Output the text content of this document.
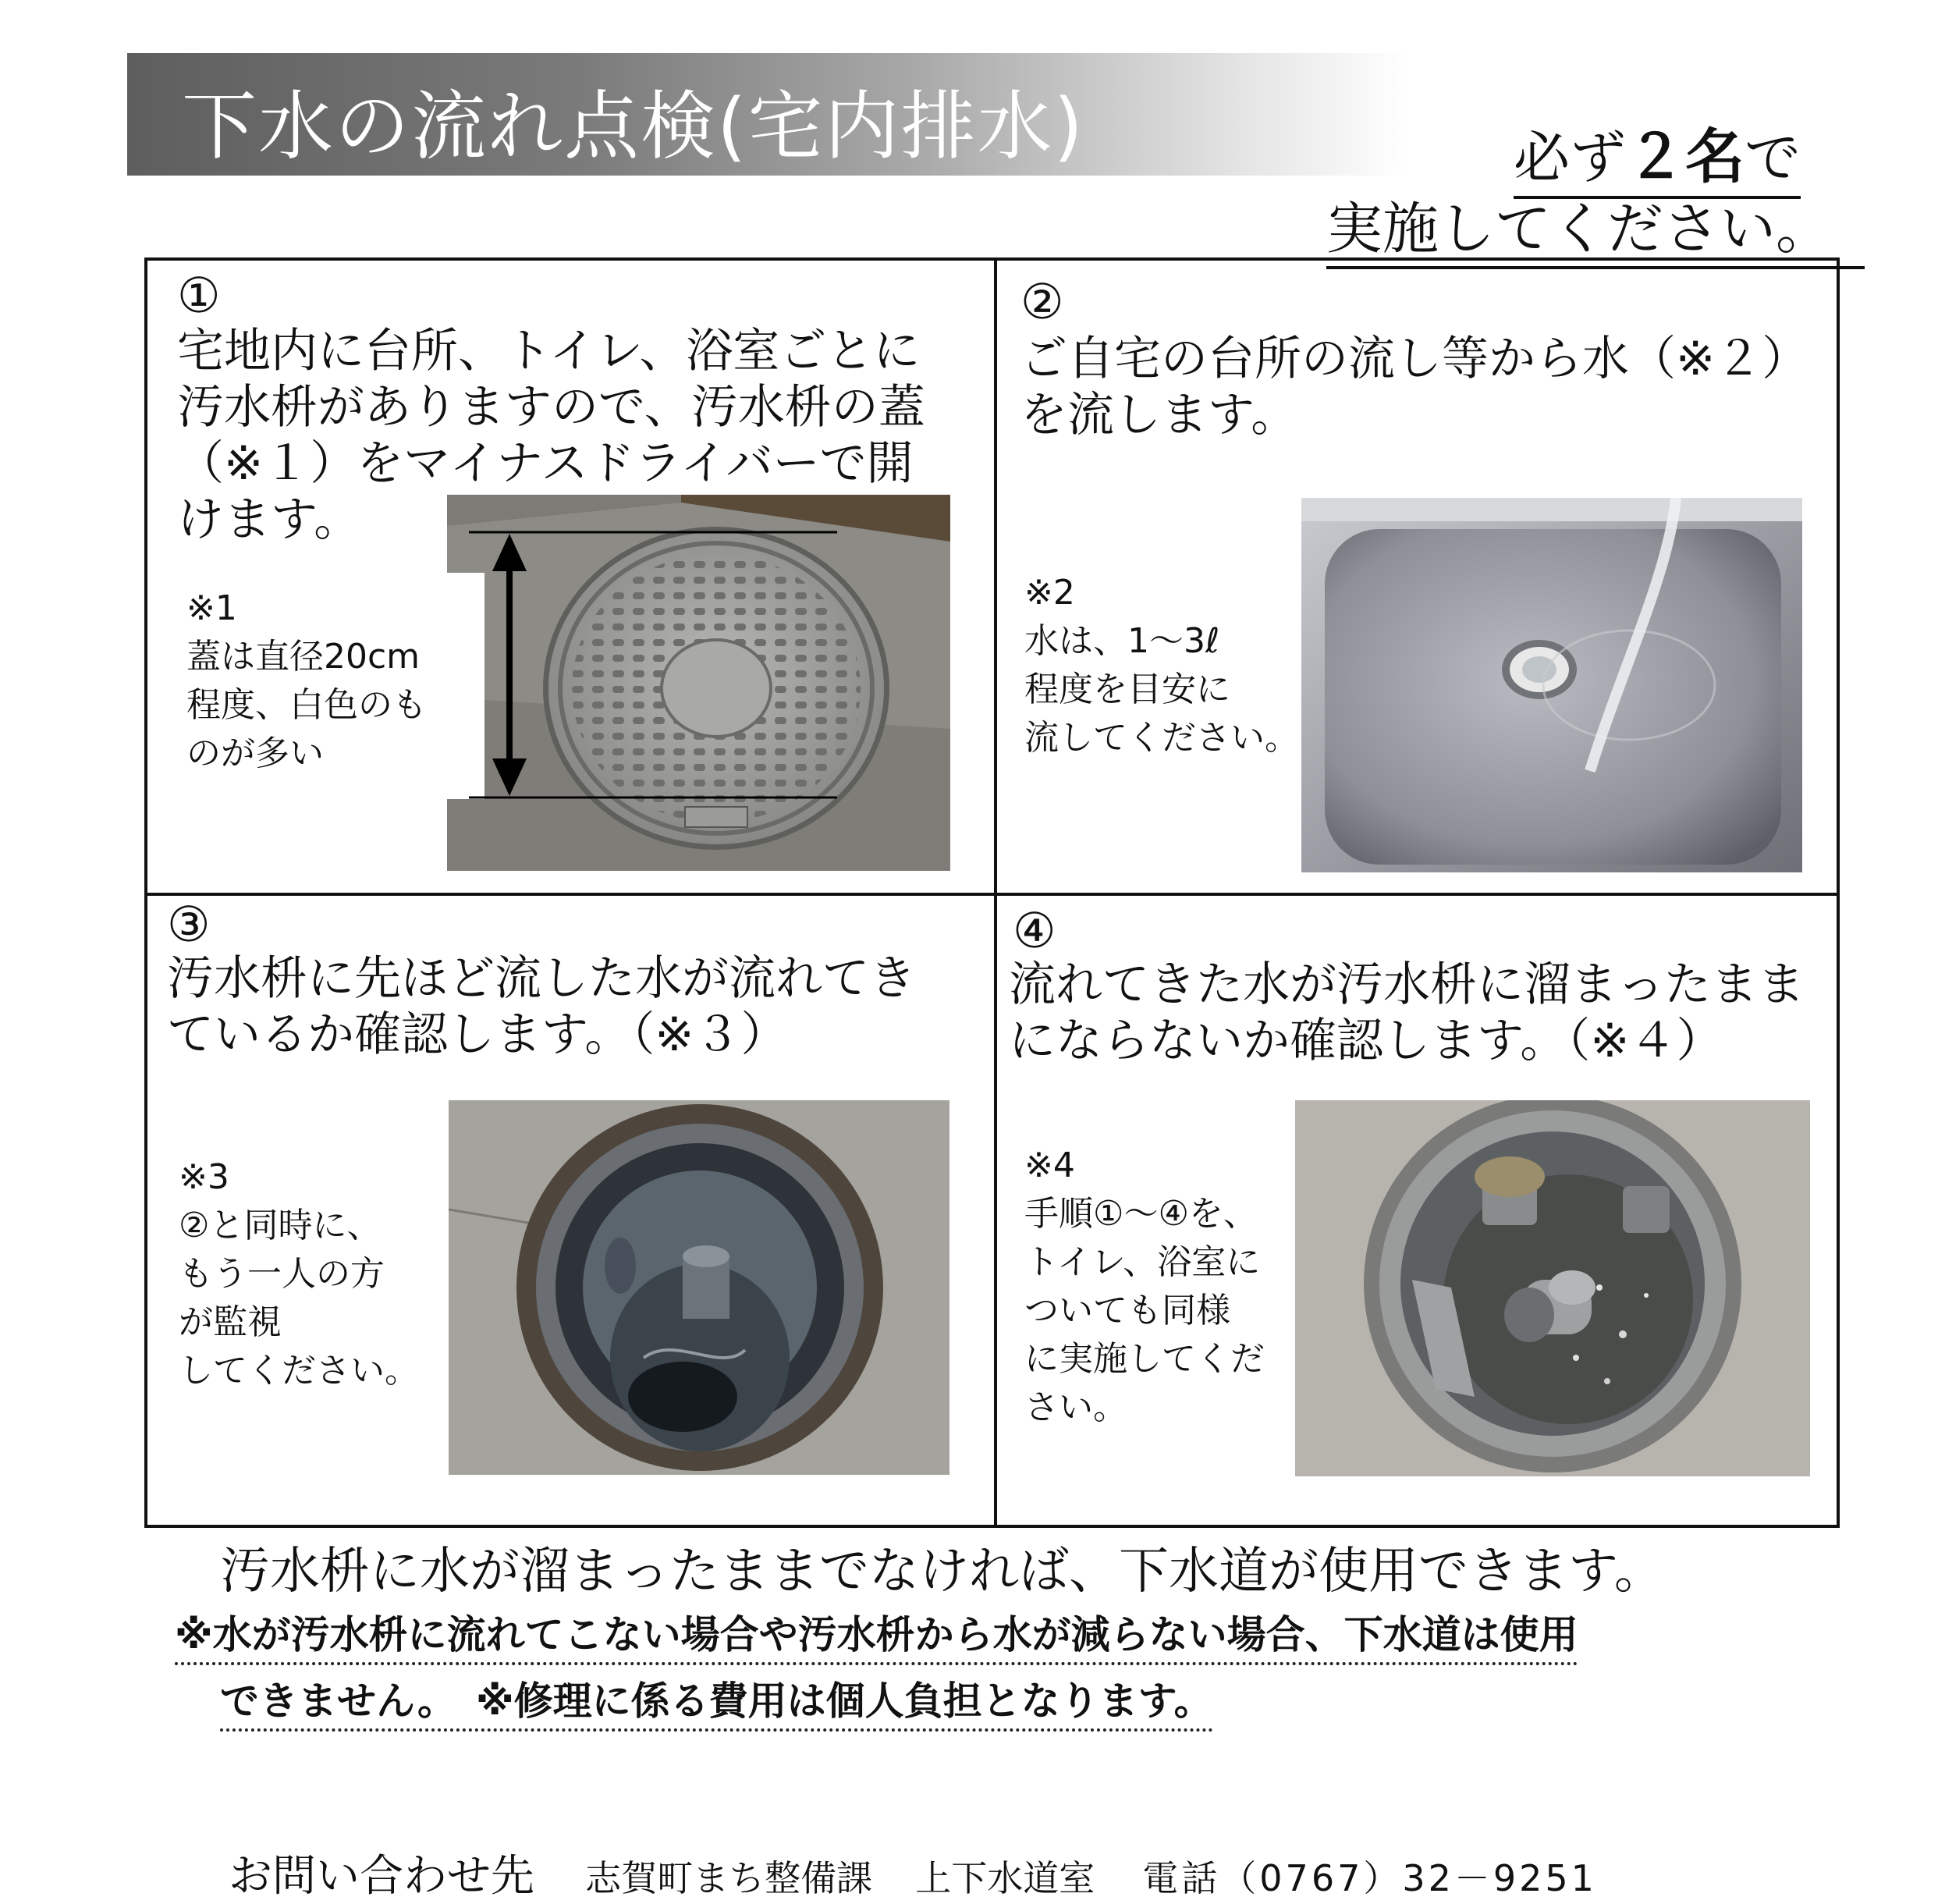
下水の流れ点検(宅内排水)	必ず２名で
実施してください。
①
宅地内に台所、トイレ、浴室ごとに
汚水枡がありますので、汚水枡の蓋
（※１）をマイナスドライバーで開
けます。
※1
蓋は直径20cm
程度、白色のも
のが多い
②
ご自宅の台所の流し等から水（※２）
を流します。
※2
水は、1～3ℓ
程度を目安に
流してください。
③
汚水枡に先ほど流した水が流れてき
ているか確認します。（※３）
※3
②と同時に、
もう一人の方
が監視
してください。
④
流れてきた水が汚水枡に溜まったまま
にならないか確認します。（※４）
※4
手順①～④を、
トイレ、浴室に
ついても同様
に実施してくだ
さい。
汚水枡に水が溜まったままでなければ、下水道が使用できます。
※水が汚水枡に流れてこない場合や汚水枡から水が減らない場合、下水道は使用
できません。　※修理に係る費用は個人負担となります。
お問い合わせ先 志賀町まち整備課 上下水道室 電話（0767）32－9251
